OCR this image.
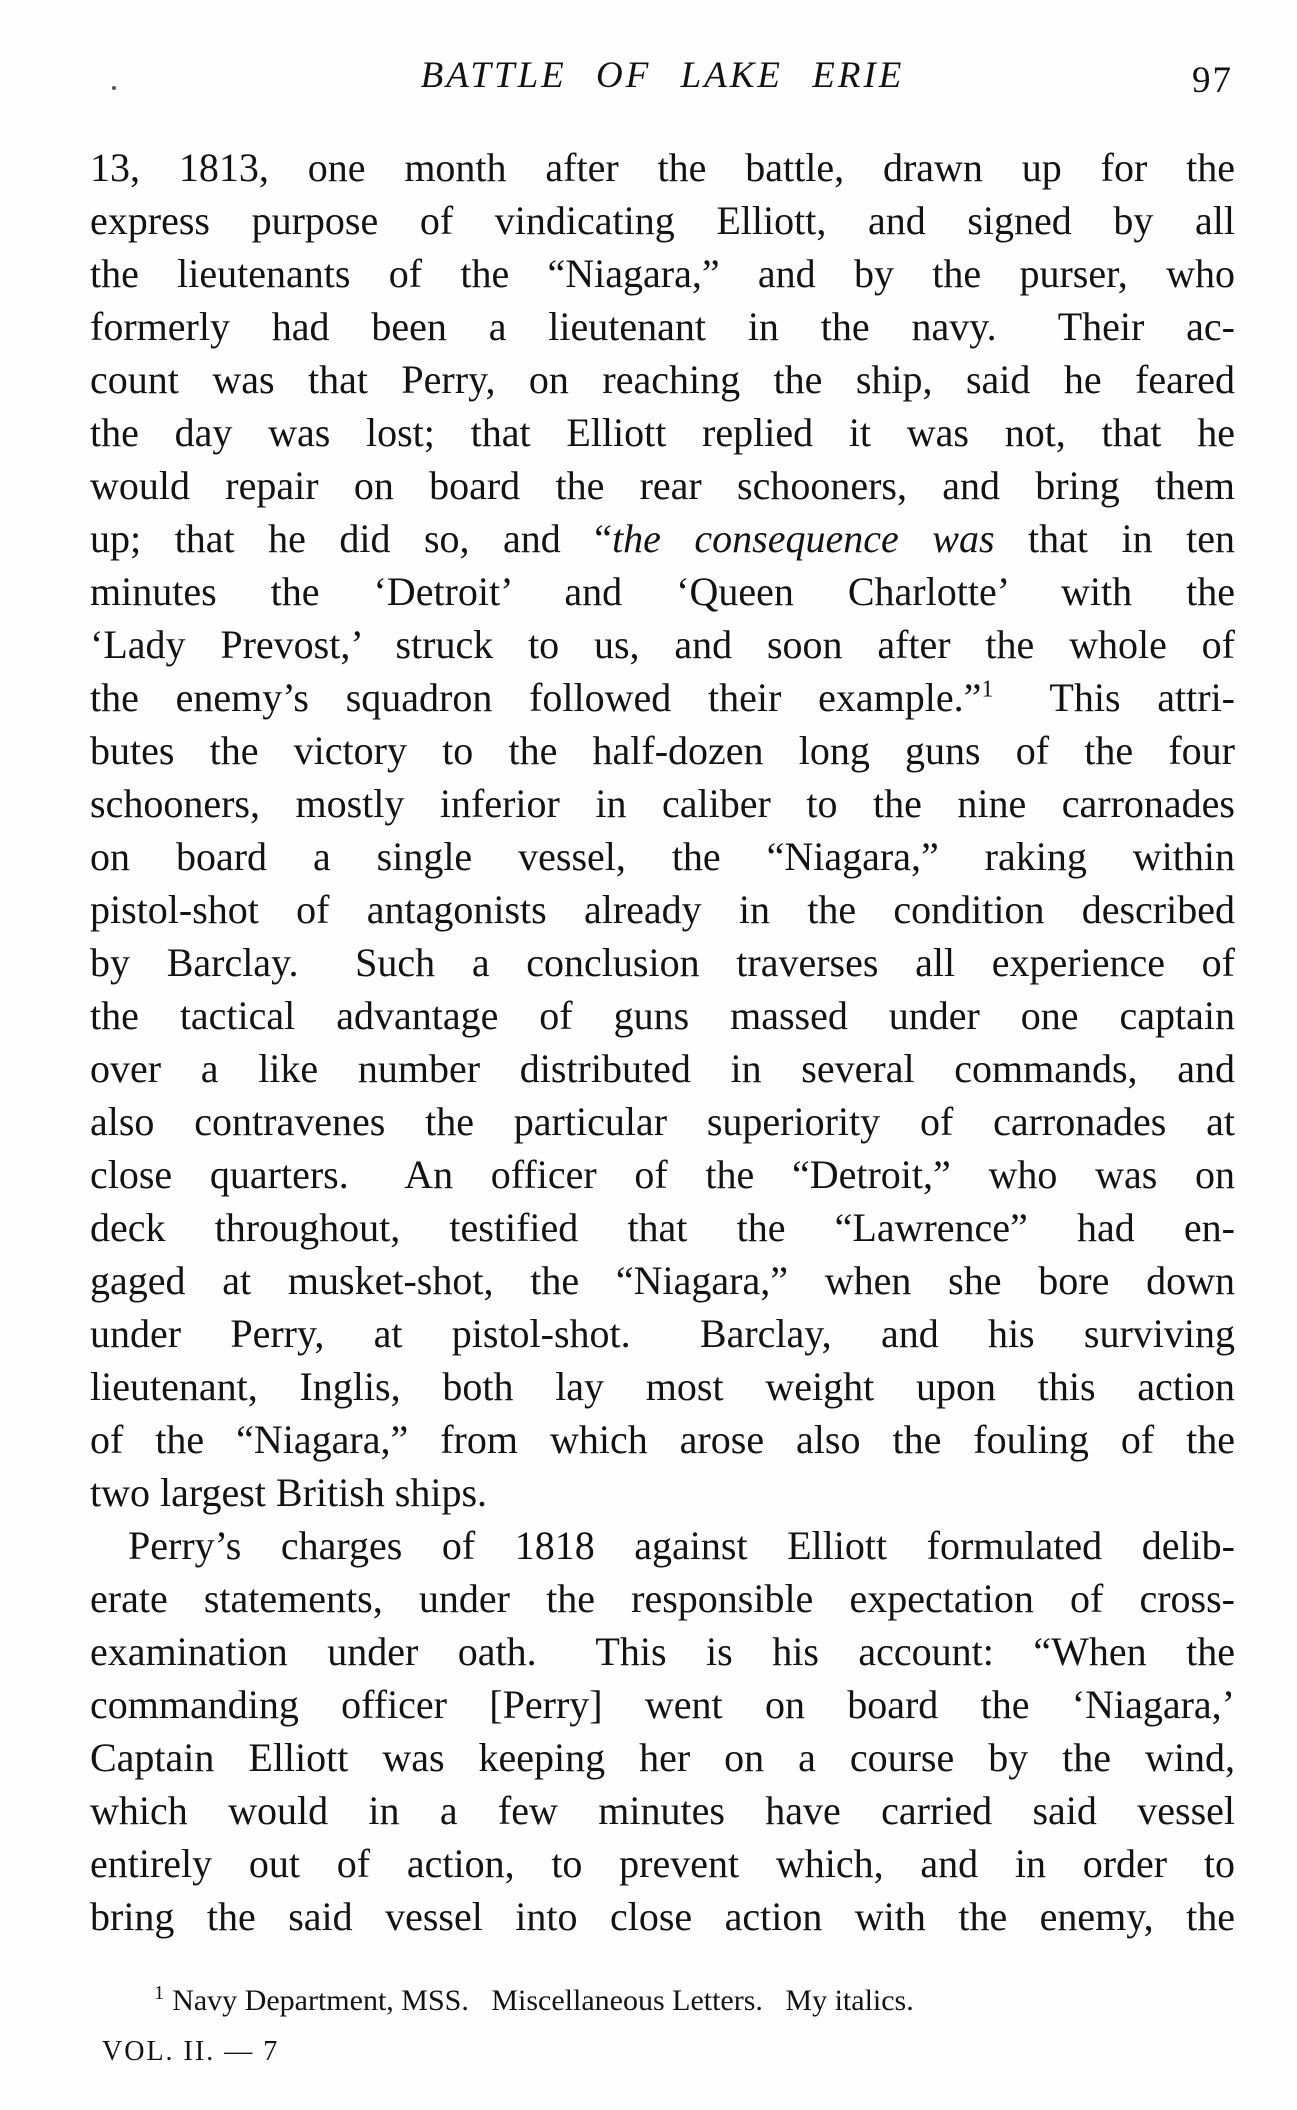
BATTLE OF LAKE ERIE	97
13, 1813, one month after the battle, drawn up for the
express purpose of vindicating Elliott, and signed by all
the lieutenants of the “Niagara,” and by the purser, who
formerly had been a lieutenant in the navy.  Their ac-
count was that Perry, on reaching the ship, said he feared
the day was lost; that Elliott replied it was not, that he
would repair on board the rear schooners, and bring them
up; that he did so, and “the consequence was that in ten
minutes the ‘Detroit’ and ‘Queen Charlotte’ with the
‘Lady Prevost,’ struck to us, and soon after the whole of
the enemy’s squadron followed their example.”$^1$  This attri-
butes the victory to the half-dozen long guns of the four
schooners, mostly inferior in caliber to the nine carronades
on board a single vessel, the “Niagara,” raking within
pistol-shot of antagonists already in the condition described
by Barclay.  Such a conclusion traverses all experience of
the tactical advantage of guns massed under one captain
over a like number distributed in several commands, and
also contravenes the particular superiority of carronades at
close quarters.  An officer of the “Detroit,” who was on
deck throughout, testified that the “Lawrence” had en-
gaged at musket-shot, the “Niagara,” when she bore down
under Perry, at pistol-shot.  Barclay, and his surviving
lieutenant, Inglis, both lay most weight upon this action
of the “Niagara,” from which arose also the fouling of the
two largest British ships.
Perry’s charges of 1818 against Elliott formulated delib-
erate statements, under the responsible expectation of cross-
examination under oath.  This is his account: “When the
commanding officer [Perry] went on board the ‘Niagara,’
Captain Elliott was keeping her on a course by the wind,
which would in a few minutes have carried said vessel
entirely out of action, to prevent which, and in order to
bring the said vessel into close action with the enemy, the
$^1$ Navy Department, MSS.  Miscellaneous Letters.  My italics.
VOL. II. — 7
